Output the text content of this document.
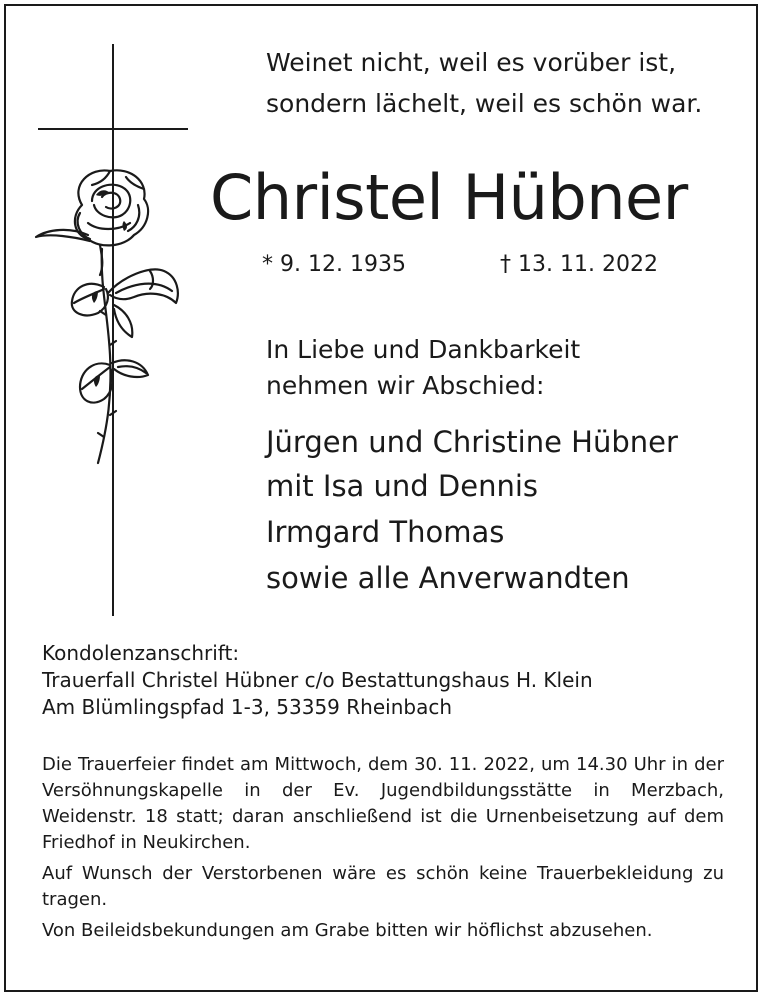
Weinet nicht, weil es vorüber ist,
sondern lächelt, weil es schön war.
Christel Hübner
* 9. 12. 1935	† 13. 11. 2022
In Liebe und Dankbarkeit
nehmen wir Abschied:
Jürgen und Christine Hübner
mit Isa und Dennis
Irmgard Thomas
sowie alle Anverwandten
Kondolenzanschrift:
Trauerfall Christel Hübner c/o Bestattungshaus H. Klein
Am Blümlingspfad 1-3, 53359 Rheinbach

Die Trauerfeier findet am Mittwoch, dem 30. 11. 2022, um 14.30 Uhr in der Versöhnungskapelle in der Ev. Jugendbildungsstätte in Merzbach, Weidenstr. 18 statt; daran anschließend ist die Urnenbeisetzung auf dem Friedhof in Neukirchen.

Auf Wunsch der Verstorbenen wäre es schön keine Trauerbekleidung zu tragen.

Von Beileidsbekundungen am Grabe bitten wir höflichst abzusehen.
